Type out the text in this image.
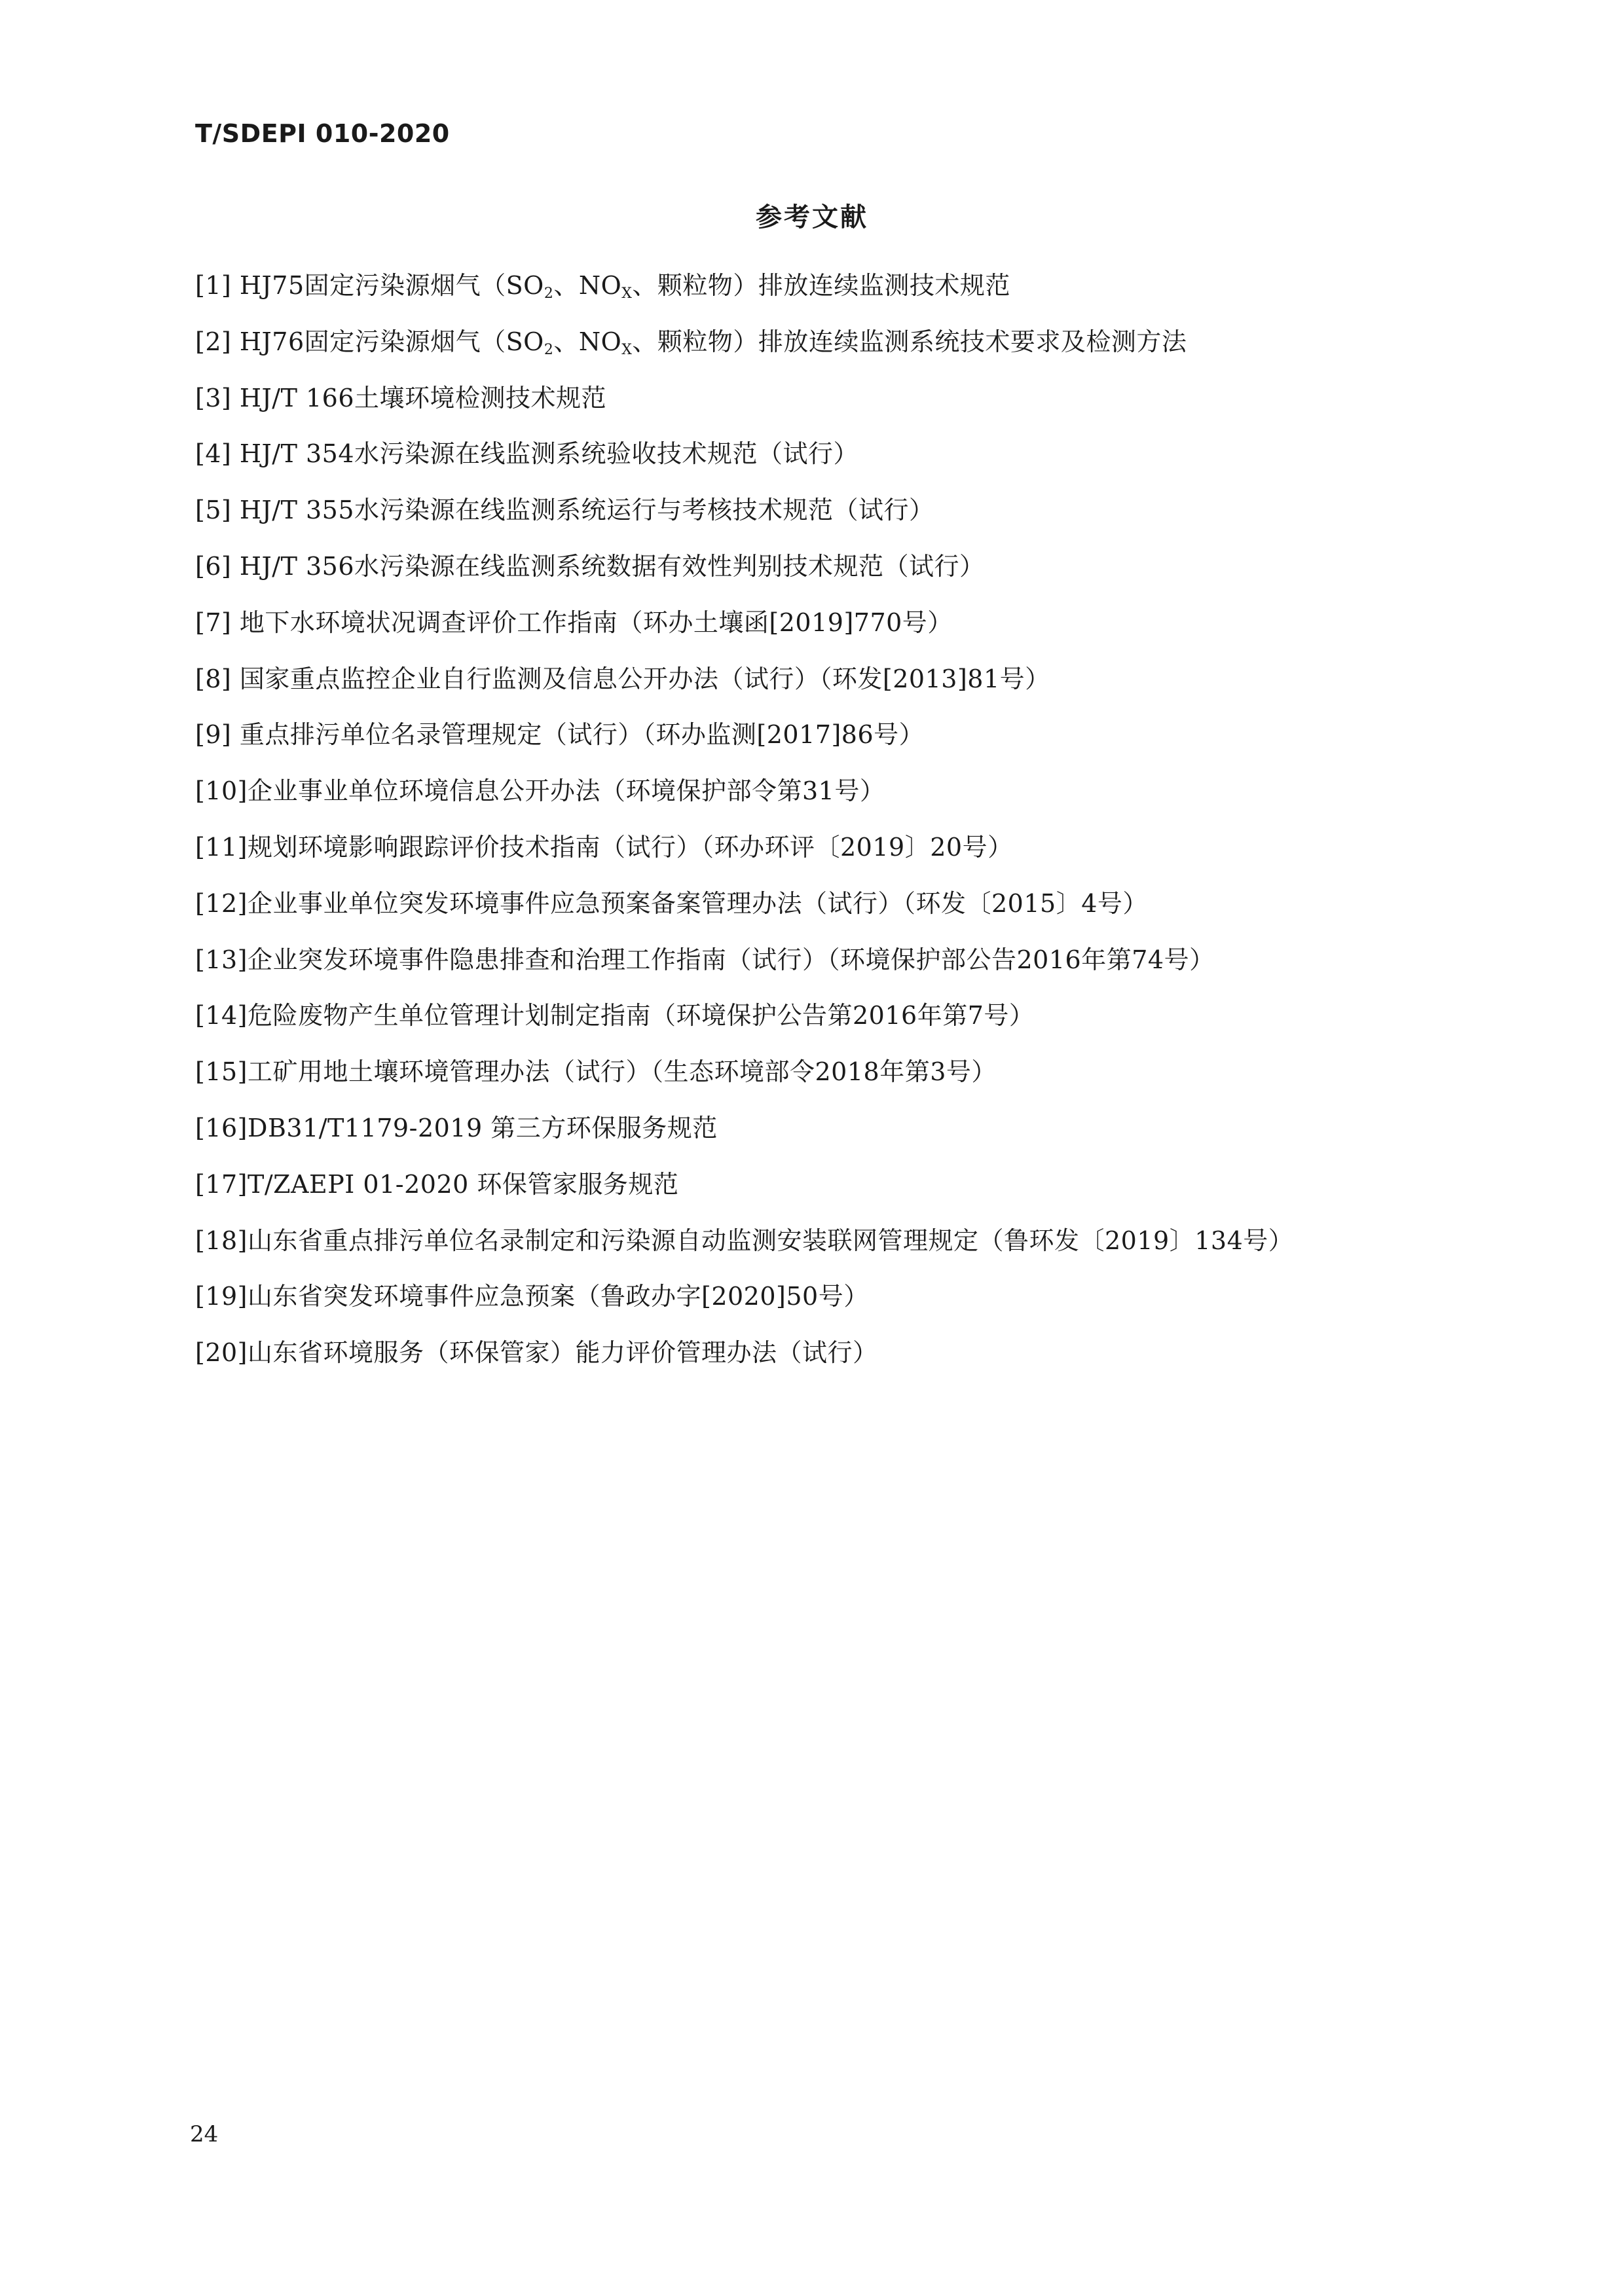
T/SDEPI 010-2020
参考文献
[1] HJ75固定污染源烟气（$SO_2$、$NO_X$、颗粒物）排放连续监测技术规范
[2] HJ76固定污染源烟气（$SO_2$、$NO_X$、颗粒物）排放连续监测系统技术要求及检测方法
[3] HJ/T 166土壤环境检测技术规范
[4] HJ/T 354水污染源在线监测系统验收技术规范（试行）
[5] HJ/T 355水污染源在线监测系统运行与考核技术规范（试行）
[6] HJ/T 356水污染源在线监测系统数据有效性判别技术规范（试行）
[7] 地下水环境状况调查评价工作指南（环办土壤函[2019]770号）
[8] 国家重点监控企业自行监测及信息公开办法（试行）（环发[2013]81号）
[9] 重点排污单位名录管理规定（试行）（环办监测[2017]86号）
[10]企业事业单位环境信息公开办法（环境保护部令第31号）
[11]规划环境影响跟踪评价技术指南（试行）（环办环评〔2019〕20号）
[12]企业事业单位突发环境事件应急预案备案管理办法（试行）（环发〔2015〕4号）
[13]企业突发环境事件隐患排查和治理工作指南（试行）（环境保护部公告2016年第74号）
[14]危险废物产生单位管理计划制定指南（环境保护公告第2016年第7号）
[15]工矿用地土壤环境管理办法（试行）（生态环境部令2018年第3号）
[16]DB31/T1179-2019 第三方环保服务规范
[17]T/ZAEPI 01-2020 环保管家服务规范
[18]山东省重点排污单位名录制定和污染源自动监测安装联网管理规定（鲁环发〔2019〕134号）
[19]山东省突发环境事件应急预案（鲁政办字[2020]50号）
[20]山东省环境服务（环保管家）能力评价管理办法（试行）
24
